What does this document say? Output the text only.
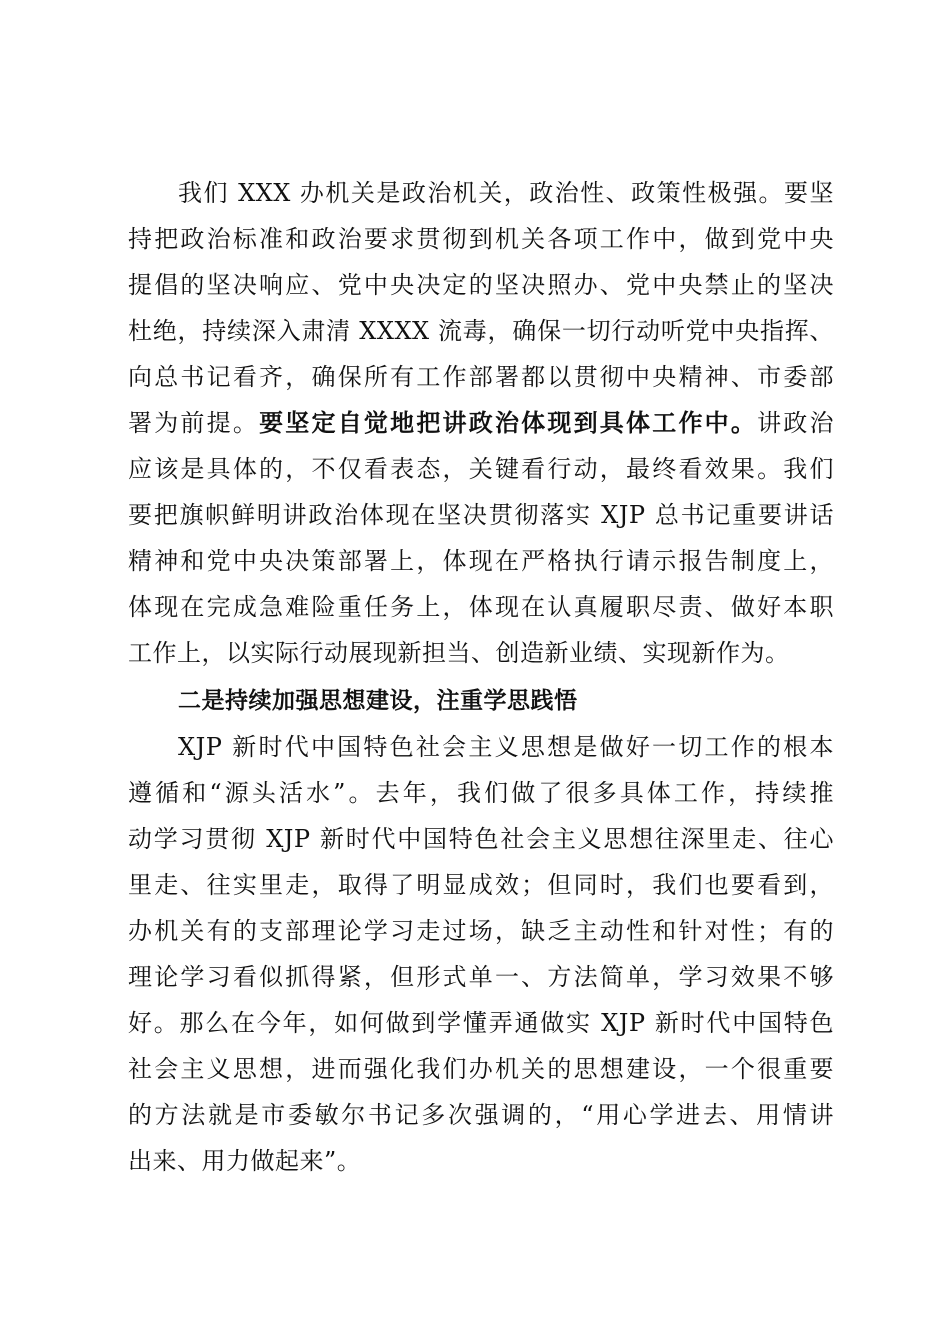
我们 XXX 办机关是政治机关，政治性、政策性极强。要坚
持把政治标准和政治要求贯彻到机关各项工作中，做到党中央
提倡的坚决响应、党中央决定的坚决照办、党中央禁止的坚决
杜绝，持续深入肃清 XXXX 流毒，确保一切行动听党中央指挥、
向总书记看齐，确保所有工作部署都以贯彻中央精神、市委部
署为前提。要坚定自觉地把讲政治体现到具体工作中。讲政治
应该是具体的，不仅看表态，关键看行动，最终看效果。我们
要把旗帜鲜明讲政治体现在坚决贯彻落实 XJP 总书记重要讲话
精神和党中央决策部署上，体现在严格执行请示报告制度上，
体现在完成急难险重任务上，体现在认真履职尽责、做好本职
工作上，以实际行动展现新担当、创造新业绩、实现新作为。
二是持续加强思想建设，注重学思践悟
XJP 新时代中国特色社会主义思想是做好一切工作的根本
遵循和“源头活水”。去年，我们做了很多具体工作，持续推
动学习贯彻 XJP 新时代中国特色社会主义思想往深里走、往心
里走、往实里走，取得了明显成效；但同时，我们也要看到，
办机关有的支部理论学习走过场，缺乏主动性和针对性；有的
理论学习看似抓得紧，但形式单一、方法简单，学习效果不够
好。那么在今年，如何做到学懂弄通做实 XJP 新时代中国特色
社会主义思想，进而强化我们办机关的思想建设，一个很重要
的方法就是市委敏尔书记多次强调的，“用心学进去、用情讲
出来、用力做起来”。
